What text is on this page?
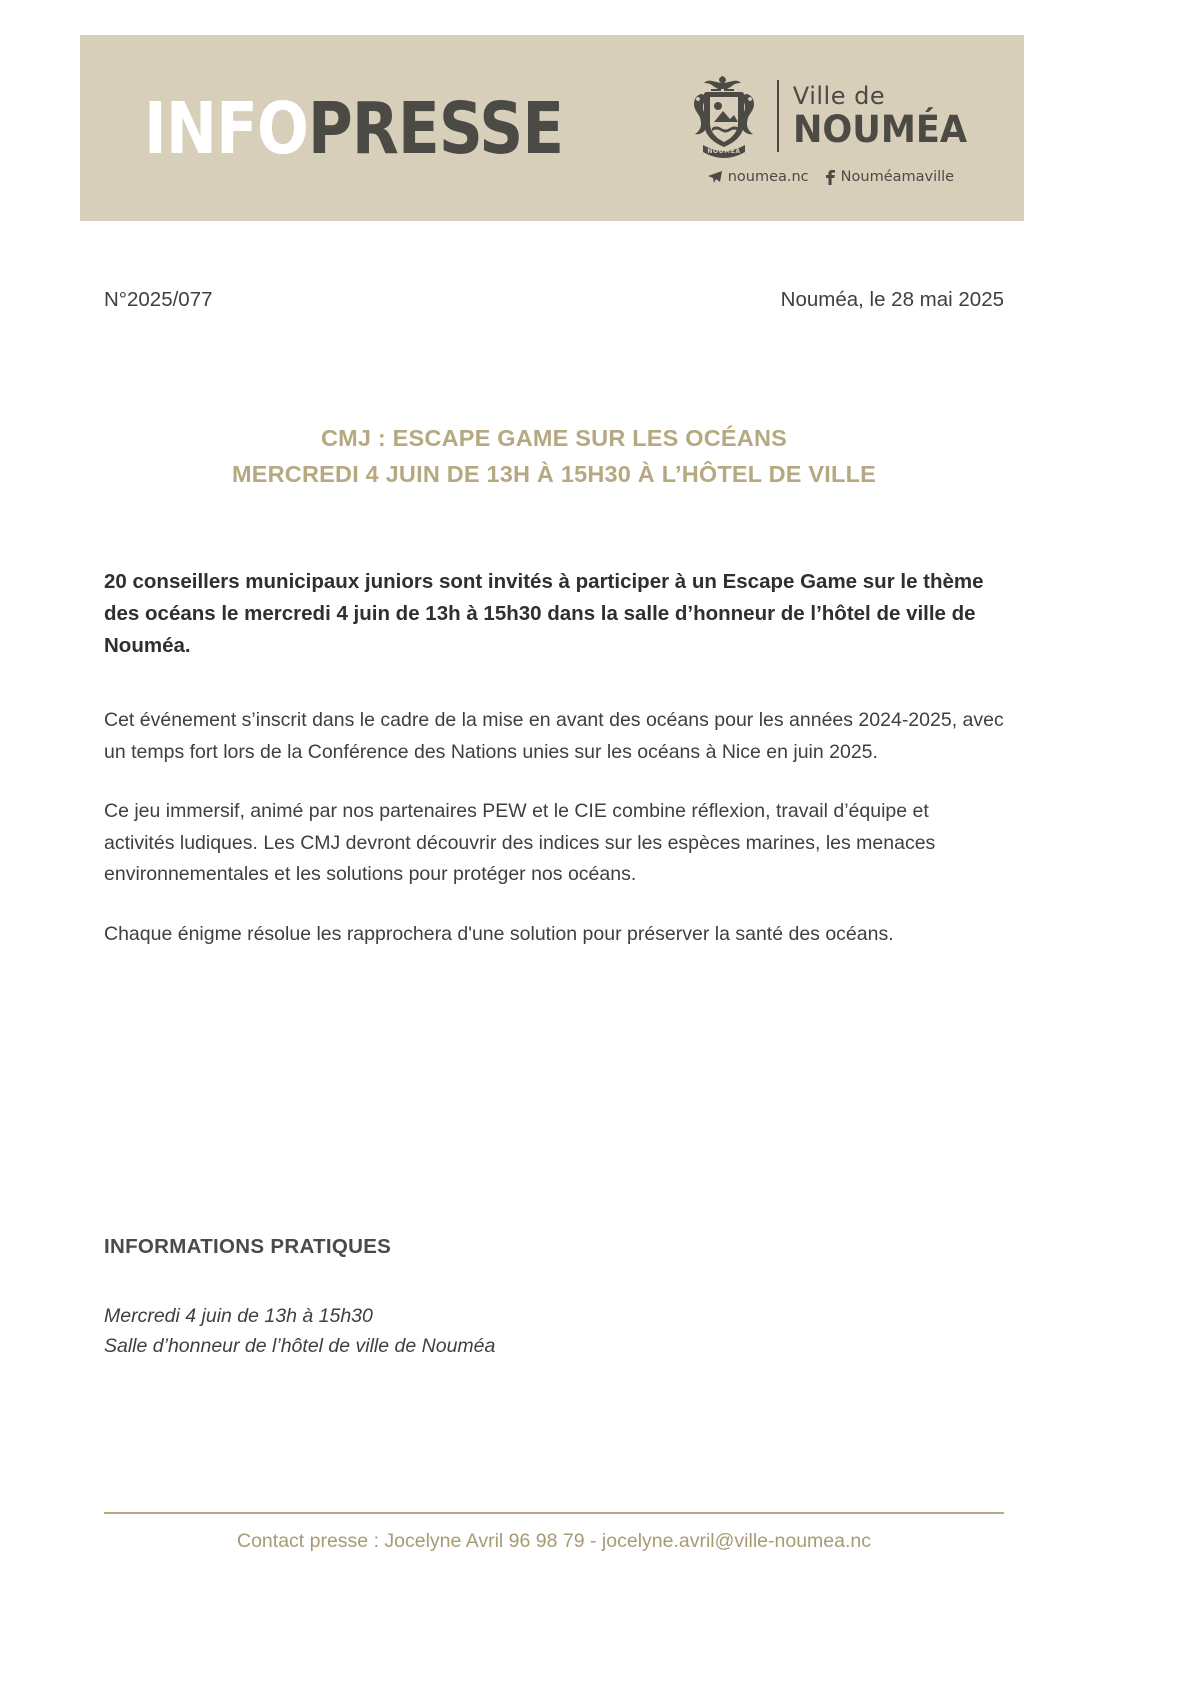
INFOPRESSE	NOUMEA
Ville de
NOUMÉA
noumea.nc Nouméamaville
N°2025/077	Nouméa, le 28 mai 2025
CMJ : ESCAPE GAME SUR LES OCÉANS
MERCREDI 4 JUIN DE 13H À 15H30 À L’HÔTEL DE VILLE
20 conseillers municipaux juniors sont invités à participer à un Escape Game sur le thème des océans le mercredi 4 juin de 13h à 15h30 dans la salle d’honneur de l’hôtel de ville de Nouméa.

Cet événement s’inscrit dans le cadre de la mise en avant des océans pour les années 2024-2025, avec un temps fort lors de la Conférence des Nations unies sur les océans à Nice en juin 2025.

Ce jeu immersif, animé par nos partenaires PEW et le CIE combine réflexion, travail d’équipe et activités ludiques. Les CMJ devront découvrir des indices sur les espèces marines, les menaces environnementales et les solutions pour protéger nos océans.

Chaque énigme résolue les rapprochera d'une solution pour préserver la santé des océans.

INFORMATIONS PRATIQUES
Mercredi 4 juin de 13h à 15h30
Salle d’honneur de l’hôtel de ville de Nouméa
Contact presse : Jocelyne Avril 96 98 79 - jocelyne.avril@ville-noumea.nc
